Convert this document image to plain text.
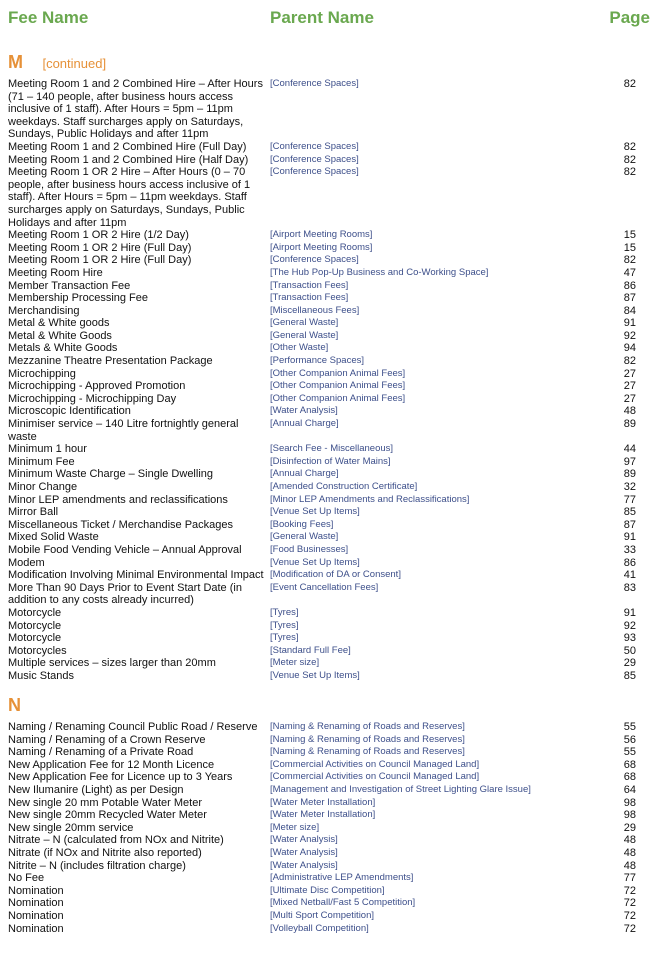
Fee Name	Parent Name	Page
M [continued]
Meeting Room 1 and 2 Combined Hire – After Hours (71 – 140 people, after business hours access inclusive of 1 staff). After Hours = 5pm – 11pm weekdays. Staff surcharges apply on Saturdays, Sundays, Public Holidays and after 11pm
[Conference Spaces]	82
Meeting Room 1 and 2 Combined Hire (Full Day)	[Conference Spaces]	82
Meeting Room 1 and 2 Combined Hire (Half Day)	[Conference Spaces]	82
Meeting Room 1 OR 2 Hire – After Hours (0 – 70 people, after business hours access inclusive of 1 staff). After Hours = 5pm – 11pm weekdays. Staff surcharges apply on Saturdays, Sundays, Public Holidays and after 11pm
[Conference Spaces]	82
Meeting Room 1 OR 2 Hire (1/2 Day)	[Airport Meeting Rooms]	15
Meeting Room 1 OR 2 Hire (Full Day)	[Airport Meeting Rooms]	15
Meeting Room 1 OR 2 Hire (Full Day)	[Conference Spaces]	82
Meeting Room Hire	[The Hub Pop-Up Business and Co-Working Space]	47
Member Transaction Fee	[Transaction Fees]	86
Membership Processing Fee	[Transaction Fees]	87
Merchandising	[Miscellaneous Fees]	84
Metal & White goods	[General Waste]	91
Metal & White Goods	[General Waste]	92
Metals & White Goods	[Other Waste]	94
Mezzanine Theatre Presentation Package	[Performance Spaces]	82
Microchipping	[Other Companion Animal Fees]	27
Microchipping - Approved Promotion	[Other Companion Animal Fees]	27
Microchipping - Microchipping Day	[Other Companion Animal Fees]	27
Microscopic Identification	[Water Analysis]	48
Minimiser service – 140 Litre fortnightly general waste
[Annual Charge]	89
Minimum 1 hour	[Search Fee - Miscellaneous]	44
Minimum Fee	[Disinfection of Water Mains]	97
Minimum Waste Charge – Single Dwelling	[Annual Charge]	89
Minor Change	[Amended Construction Certificate]	32
Minor LEP amendments and reclassifications	[Minor LEP Amendments and Reclassifications]	77
Mirror Ball	[Venue Set Up Items]	85
Miscellaneous Ticket / Merchandise Packages	[Booking Fees]	87
Mixed Solid Waste	[General Waste]	91
Mobile Food Vending Vehicle – Annual Approval	[Food Businesses]	33
Modem	[Venue Set Up Items]	86
Modification Involving Minimal Environmental Impact [Modification of DA or Consent]	41
More Than 90 Days Prior to Event Start Date (in addition to any costs already incurred)
[Event Cancellation Fees]	83
Motorcycle	[Tyres]	91
Motorcycle	[Tyres]	92
Motorcycle	[Tyres]	93
Motorcycles	[Standard Full Fee]	50
Multiple services – sizes larger than 20mm	[Meter size]	29
Music Stands	[Venue Set Up Items]	85
N
Naming / Renaming Council Public Road / Reserve	[Naming & Renaming of Roads and Reserves]	55
Naming / Renaming of a Crown Reserve	[Naming & Renaming of Roads and Reserves]	56
Naming / Renaming of a Private Road	[Naming & Renaming of Roads and Reserves]	55
New Application Fee for 12 Month Licence	[Commercial Activities on Council Managed Land]	68
New Application Fee for Licence up to 3 Years	[Commercial Activities on Council Managed Land]	68
New Ilumanire (Light) as per Design	[Management and Investigation of Street Lighting Glare Issue]	64
New single 20 mm Potable Water Meter	[Water Meter Installation]	98
New single 20mm Recycled Water Meter	[Water Meter Installation]	98
New single 20mm service	[Meter size]	29
Nitrate – N (calculated from NOx and Nitrite)	[Water Analysis]	48
Nitrate (if NOx and Nitrite also reported)	[Water Analysis]	48
Nitrite – N (includes filtration charge)	[Water Analysis]	48
No Fee	[Administrative LEP Amendments]	77
Nomination	[Ultimate Disc Competition]	72
Nomination	[Mixed Netball/Fast 5 Competition]	72
Nomination	[Multi Sport Competition]	72
Nomination	[Volleyball Competition]	72
